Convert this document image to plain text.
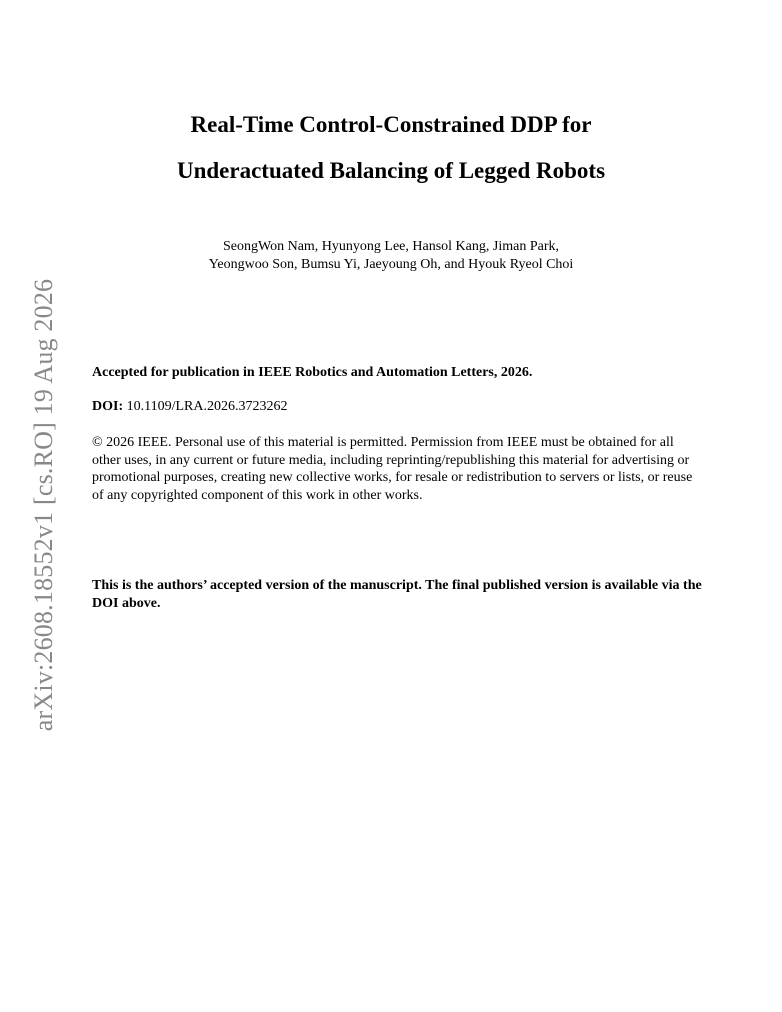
arXiv:2608.18552v1 [cs.RO] 19 Aug 2026
Real-Time Control-Constrained DDP for
Underactuated Balancing of Legged Robots
SeongWon Nam, Hyunyong Lee, Hansol Kang, Jiman Park,
Yeongwoo Son, Bumsu Yi, Jaeyoung Oh, and Hyouk Ryeol Choi
Accepted for publication in IEEE Robotics and Automation Letters, 2026.
DOI: 10.1109/LRA.2026.3723262
© 2026 IEEE. Personal use of this material is permitted. Permission from IEEE must be obtained for all other uses, in any current or future media, including reprinting/republishing this material for advertising or promotional purposes, creating new collective works, for resale or redistribution to servers or lists, or reuse of any copyrighted component of this work in other works.
This is the authors’ accepted version of the manuscript. The final published version is available via the DOI above.
